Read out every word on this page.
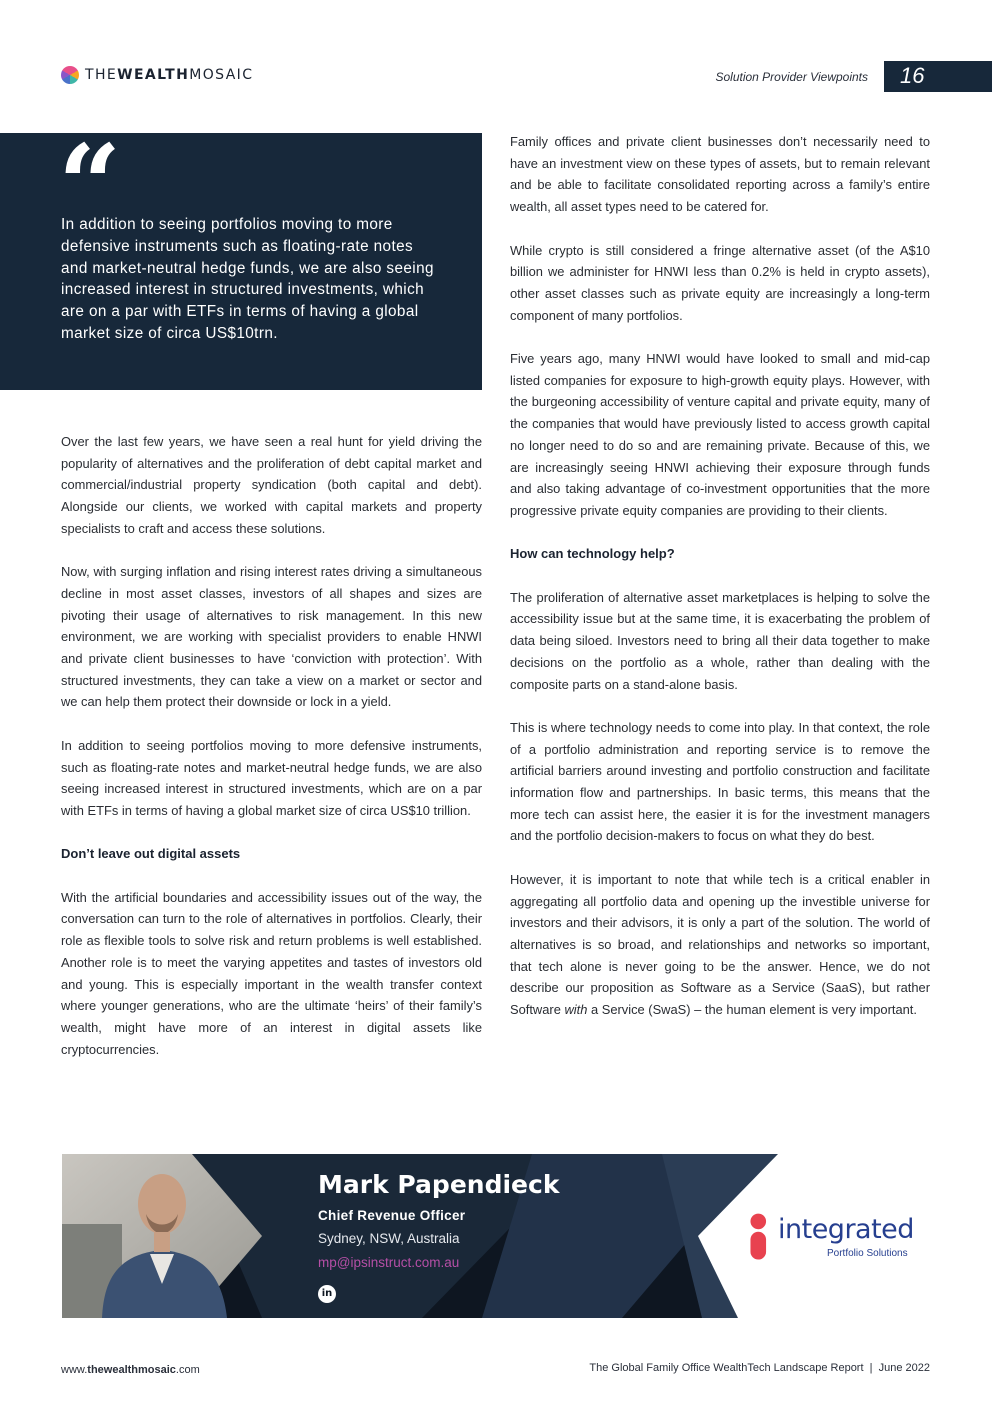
THEWEALTHMOSAIC	Solution Provider Viewpoints 16
“
In addition to seeing portfolios moving to more defensive instruments such as floating-rate notes and market-neutral hedge funds, we are also seeing increased interest in structured investments, which are on a par with ETFs in terms of having a global market size of circa US$10trn.

Over the last few years, we have seen a real hunt for yield driving the popularity of alternatives and the proliferation of debt capital market and commercial/industrial property syndication (both capital and debt). Alongside our clients, we worked with capital markets and property specialists to craft and access these solutions.

Now, with surging inflation and rising interest rates driving a simultaneous decline in most asset classes, investors of all shapes and sizes are pivoting their usage of alternatives to risk management. In this new environment, we are working with specialist providers to enable HNWI and private client businesses to have ‘conviction with protection’. With structured investments, they can take a view on a market or sector and we can help them protect their downside or lock in a yield.

In addition to seeing portfolios moving to more defensive instruments, such as floating-rate notes and market-neutral hedge funds, we are also seeing increased interest in structured investments, which are on a par with ETFs in terms of having a global market size of circa US$10 trillion.

Don’t leave out digital assets

With the artificial boundaries and accessibility issues out of the way, the conversation can turn to the role of alternatives in portfolios. Clearly, their role as flexible tools to solve risk and return problems is well established. Another role is to meet the varying appetites and tastes of investors old and young. This is especially important in the wealth transfer context where younger generations, who are the ultimate ‘heirs’ of their family’s wealth, might have more of an interest in digital assets like cryptocurrencies.

Family offices and private client businesses don’t necessarily need to have an investment view on these types of assets, but to remain relevant and be able to facilitate consolidated reporting across a family’s entire wealth, all asset types need to be catered for.

While crypto is still considered a fringe alternative asset (of the A$10 billion we administer for HNWI less than 0.2% is held in crypto assets), other asset classes such as private equity are increasingly a long-term component of many portfolios.

Five years ago, many HNWI would have looked to small and mid-cap listed companies for exposure to high-growth equity plays. However, with the burgeoning accessibility of venture capital and private equity, many of the companies that would have previously listed to access growth capital no longer need to do so and are remaining private. Because of this, we are increasingly seeing HNWI achieving their exposure through funds and also taking advantage of co-investment opportunities that the more progressive private equity companies are providing to their clients.

How can technology help?

The proliferation of alternative asset marketplaces is helping to solve the accessibility issue but at the same time, it is exacerbating the problem of data being siloed. Investors need to bring all their data together to make decisions on the portfolio as a whole, rather than dealing with the composite parts on a stand-alone basis.

This is where technology needs to come into play. In that context, the role of a portfolio administration and reporting service is to remove the artificial barriers around investing and portfolio construction and facilitate information flow and partnerships. In basic terms, this means that the more tech can assist here, the easier it is for the investment managers and the portfolio decision-makers to focus on what they do best.

However, it is important to note that while tech is a critical enabler in aggregating all portfolio data and opening up the investible universe for investors and their advisors, it is only a part of the solution. The world of alternatives is so broad, and relationships and networks so important, that tech alone is never going to be the answer. Hence, we do not describe our proposition as Software as a Service (SaaS), but rather Software with a Service (SwaS) – the human element is very important.

Mark Papendieck
Chief Revenue Officer
Sydney, NSW, Australia
mp@ipsinstruct.com.au
in
integrated
Portfolio Solutions
www.thewealthmosaic.com	The Global Family Office WealthTech Landscape Report  |  June 2022
